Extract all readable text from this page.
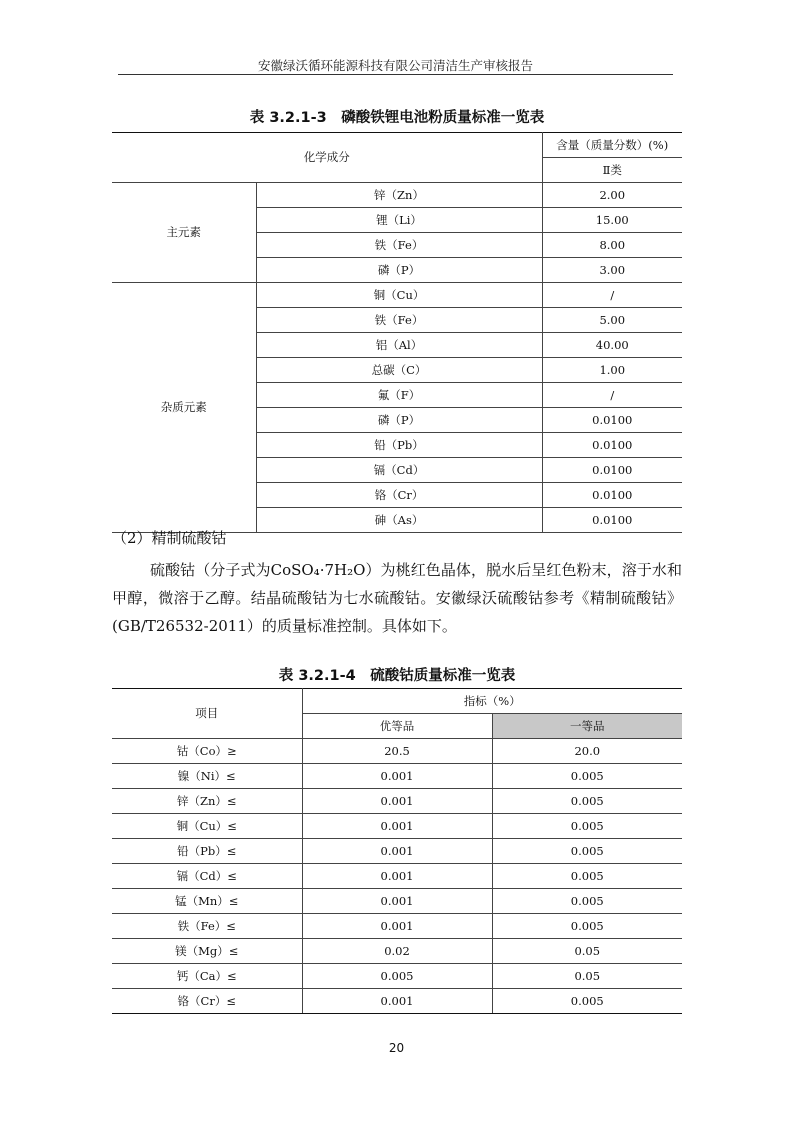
安徽绿沃循环能源科技有限公司清洁生产审核报告
表 3.2.1-3　磷酸铁锂电池粉质量标准一览表
化学成分		含量（质量分数）(%)
		Ⅱ类
主元素	锌（Zn）	2.00
	锂（Li）	15.00
	铁（Fe）	8.00
	磷（P）	3.00
杂质元素	铜（Cu）	/
	铁（Fe）	5.00
	铝（Al）	40.00
	总碳（C）	1.00
	氟（F）	/
	磷（P）	0.0100
	铅（Pb）	0.0100
	镉（Cd）	0.0100
	铬（Cr）	0.0100
	砷（As）	0.0100
（2）精制硫酸钴
硫酸钴（分子式为CoSO₄·7H₂O）为桃红色晶体，脱水后呈红色粉末，溶于水和甲醇，微溶于乙醇。结晶硫酸钴为七水硫酸钴。安徽绿沃硫酸钴参考《精制硫酸钴》(GB/T26532-2011）的质量标准控制。具体如下。
表 3.2.1-4　硫酸钴质量标准一览表
项目	指标（%）	
	优等品	一等品
钴（Co）≥	20.5	20.0
镍（Ni）≤	0.001	0.005
锌（Zn）≤	0.001	0.005
铜（Cu）≤	0.001	0.005
铅（Pb）≤	0.001	0.005
镉（Cd）≤	0.001	0.005
锰（Mn）≤	0.001	0.005
铁（Fe）≤	0.001	0.005
镁（Mg）≤	0.02	0.05
钙（Ca）≤	0.005	0.05
铬（Cr）≤	0.001	0.005
20
